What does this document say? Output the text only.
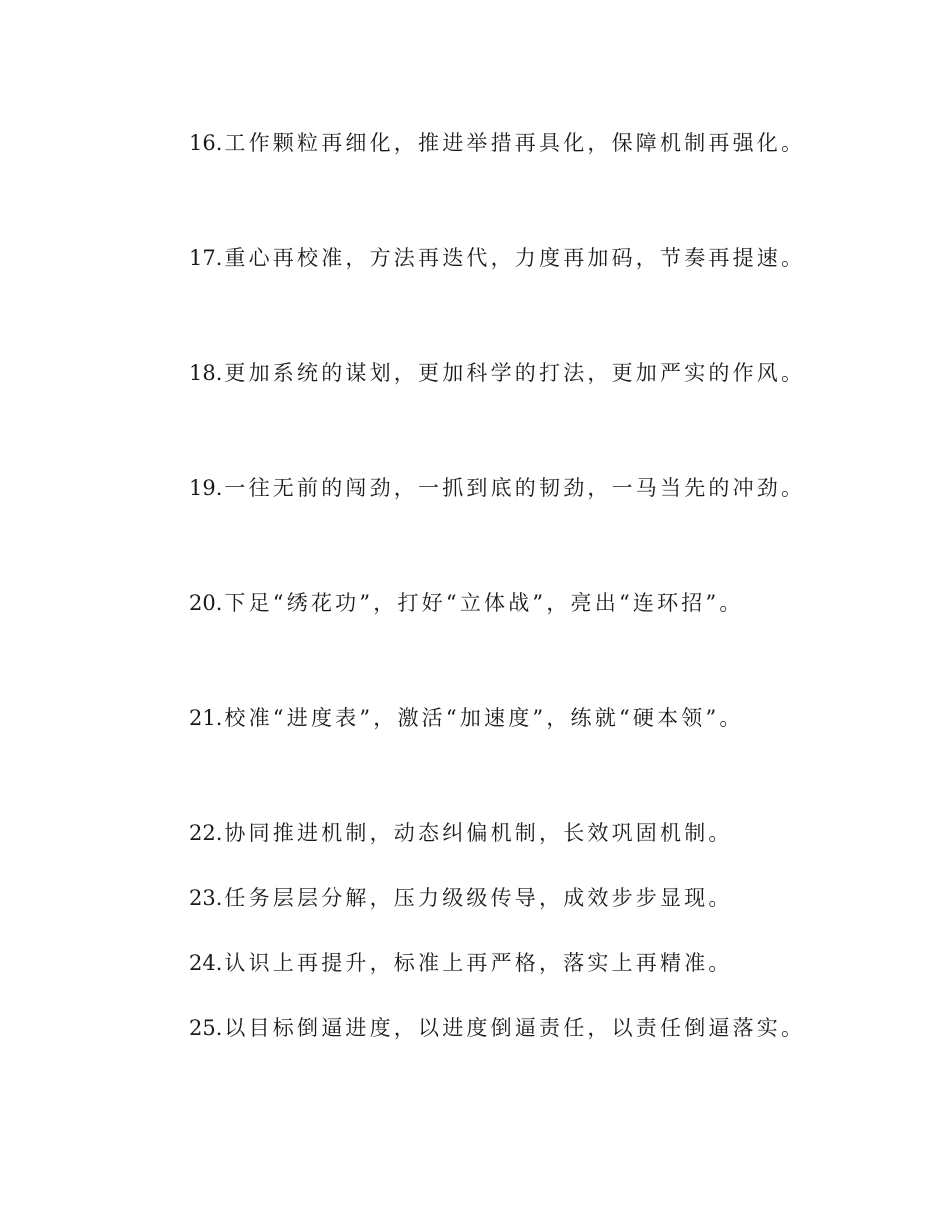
16.工作颗粒再细化，推进举措再具化，保障机制再强化。
17.重心再校准，方法再迭代，力度再加码，节奏再提速。
18.更加系统的谋划，更加科学的打法，更加严实的作风。
19.一往无前的闯劲，一抓到底的韧劲，一马当先的冲劲。
20.下足“绣花功”，打好“立体战”，亮出“连环招”。
21.校准“进度表”，激活“加速度”，练就“硬本领”。
22.协同推进机制，动态纠偏机制，长效巩固机制。
23.任务层层分解，压力级级传导，成效步步显现。
24.认识上再提升，标准上再严格，落实上再精准。
25.以目标倒逼进度，以进度倒逼责任，以责任倒逼落实。
